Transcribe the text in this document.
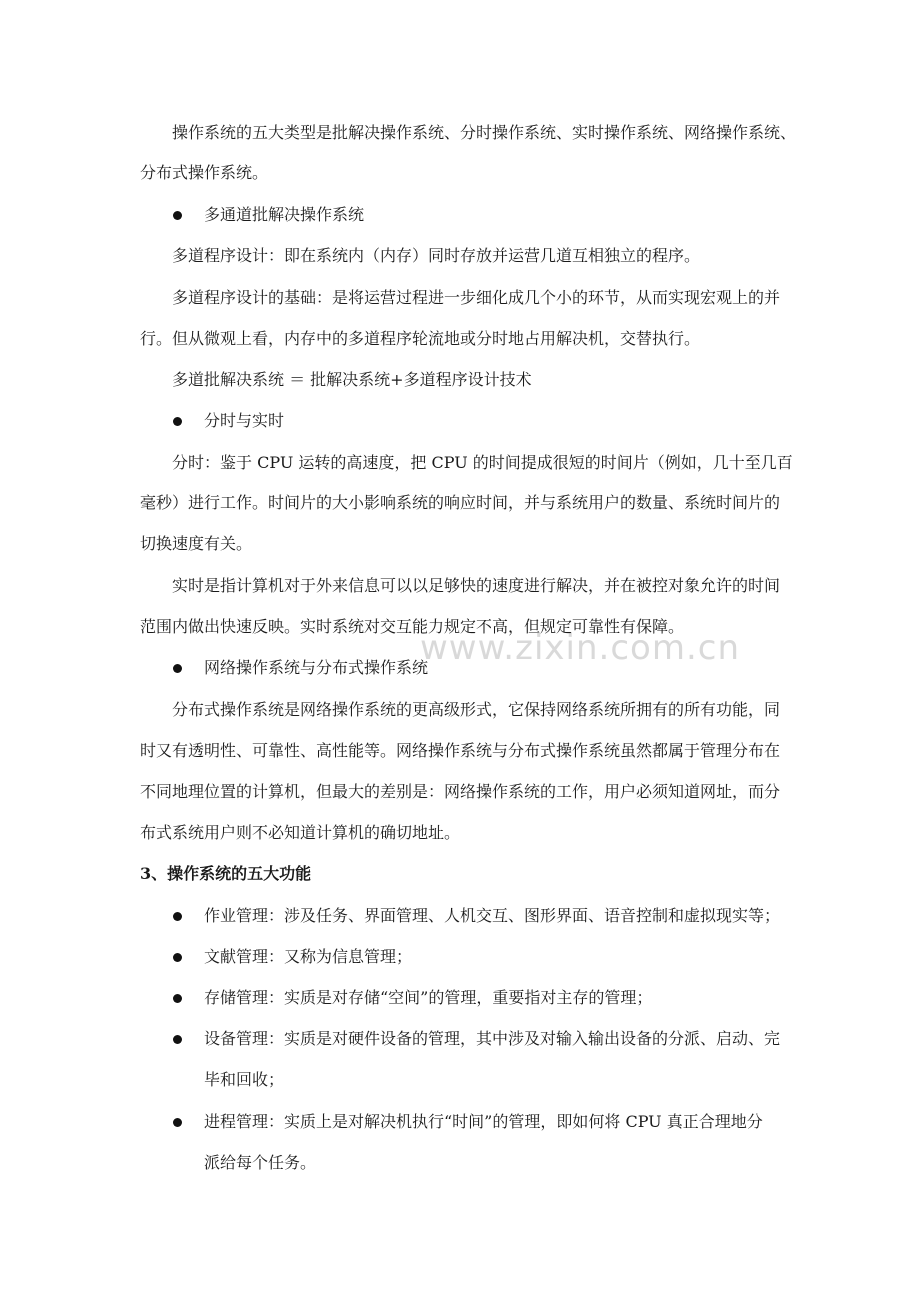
操作系统的五大类型是批解决操作系统、分时操作系统、实时操作系统、网络操作系统、
分布式操作系统。
多通道批解决操作系统
多道程序设计：即在系统内（内存）同时存放并运营几道互相独立的程序。
多道程序设计的基础：是将运营过程进一步细化成几个小的环节，从而实现宏观上的并
行。但从微观上看，内存中的多道程序轮流地或分时地占用解决机，交替执行。
多道批解决系统 ＝ 批解决系统+多道程序设计技术
分时与实时
分时：鉴于 CPU 运转的高速度，把 CPU 的时间提成很短的时间片（例如，几十至几百
毫秒）进行工作。时间片的大小影响系统的响应时间，并与系统用户的数量、系统时间片的
切换速度有关。
实时是指计算机对于外来信息可以以足够快的速度进行解决，并在被控对象允许的时间
范围内做出快速反映。实时系统对交互能力规定不高，但规定可靠性有保障。
网络操作系统与分布式操作系统
分布式操作系统是网络操作系统的更高级形式，它保持网络系统所拥有的所有功能，同
时又有透明性、可靠性、高性能等。网络操作系统与分布式操作系统虽然都属于管理分布在
不同地理位置的计算机，但最大的差别是：网络操作系统的工作，用户必须知道网址，而分
布式系统用户则不必知道计算机的确切地址。
3、操作系统的五大功能
作业管理：涉及任务、界面管理、人机交互、图形界面、语音控制和虚拟现实等；
文献管理：又称为信息管理；
存储管理：实质是对存储“空间”的管理，重要指对主存的管理；
设备管理：实质是对硬件设备的管理，其中涉及对输入输出设备的分派、启动、完
毕和回收；
进程管理：实质上是对解决机执行“时间”的管理，即如何将 CPU 真正合理地分
派给每个任务。
www.zixin.com.cn
